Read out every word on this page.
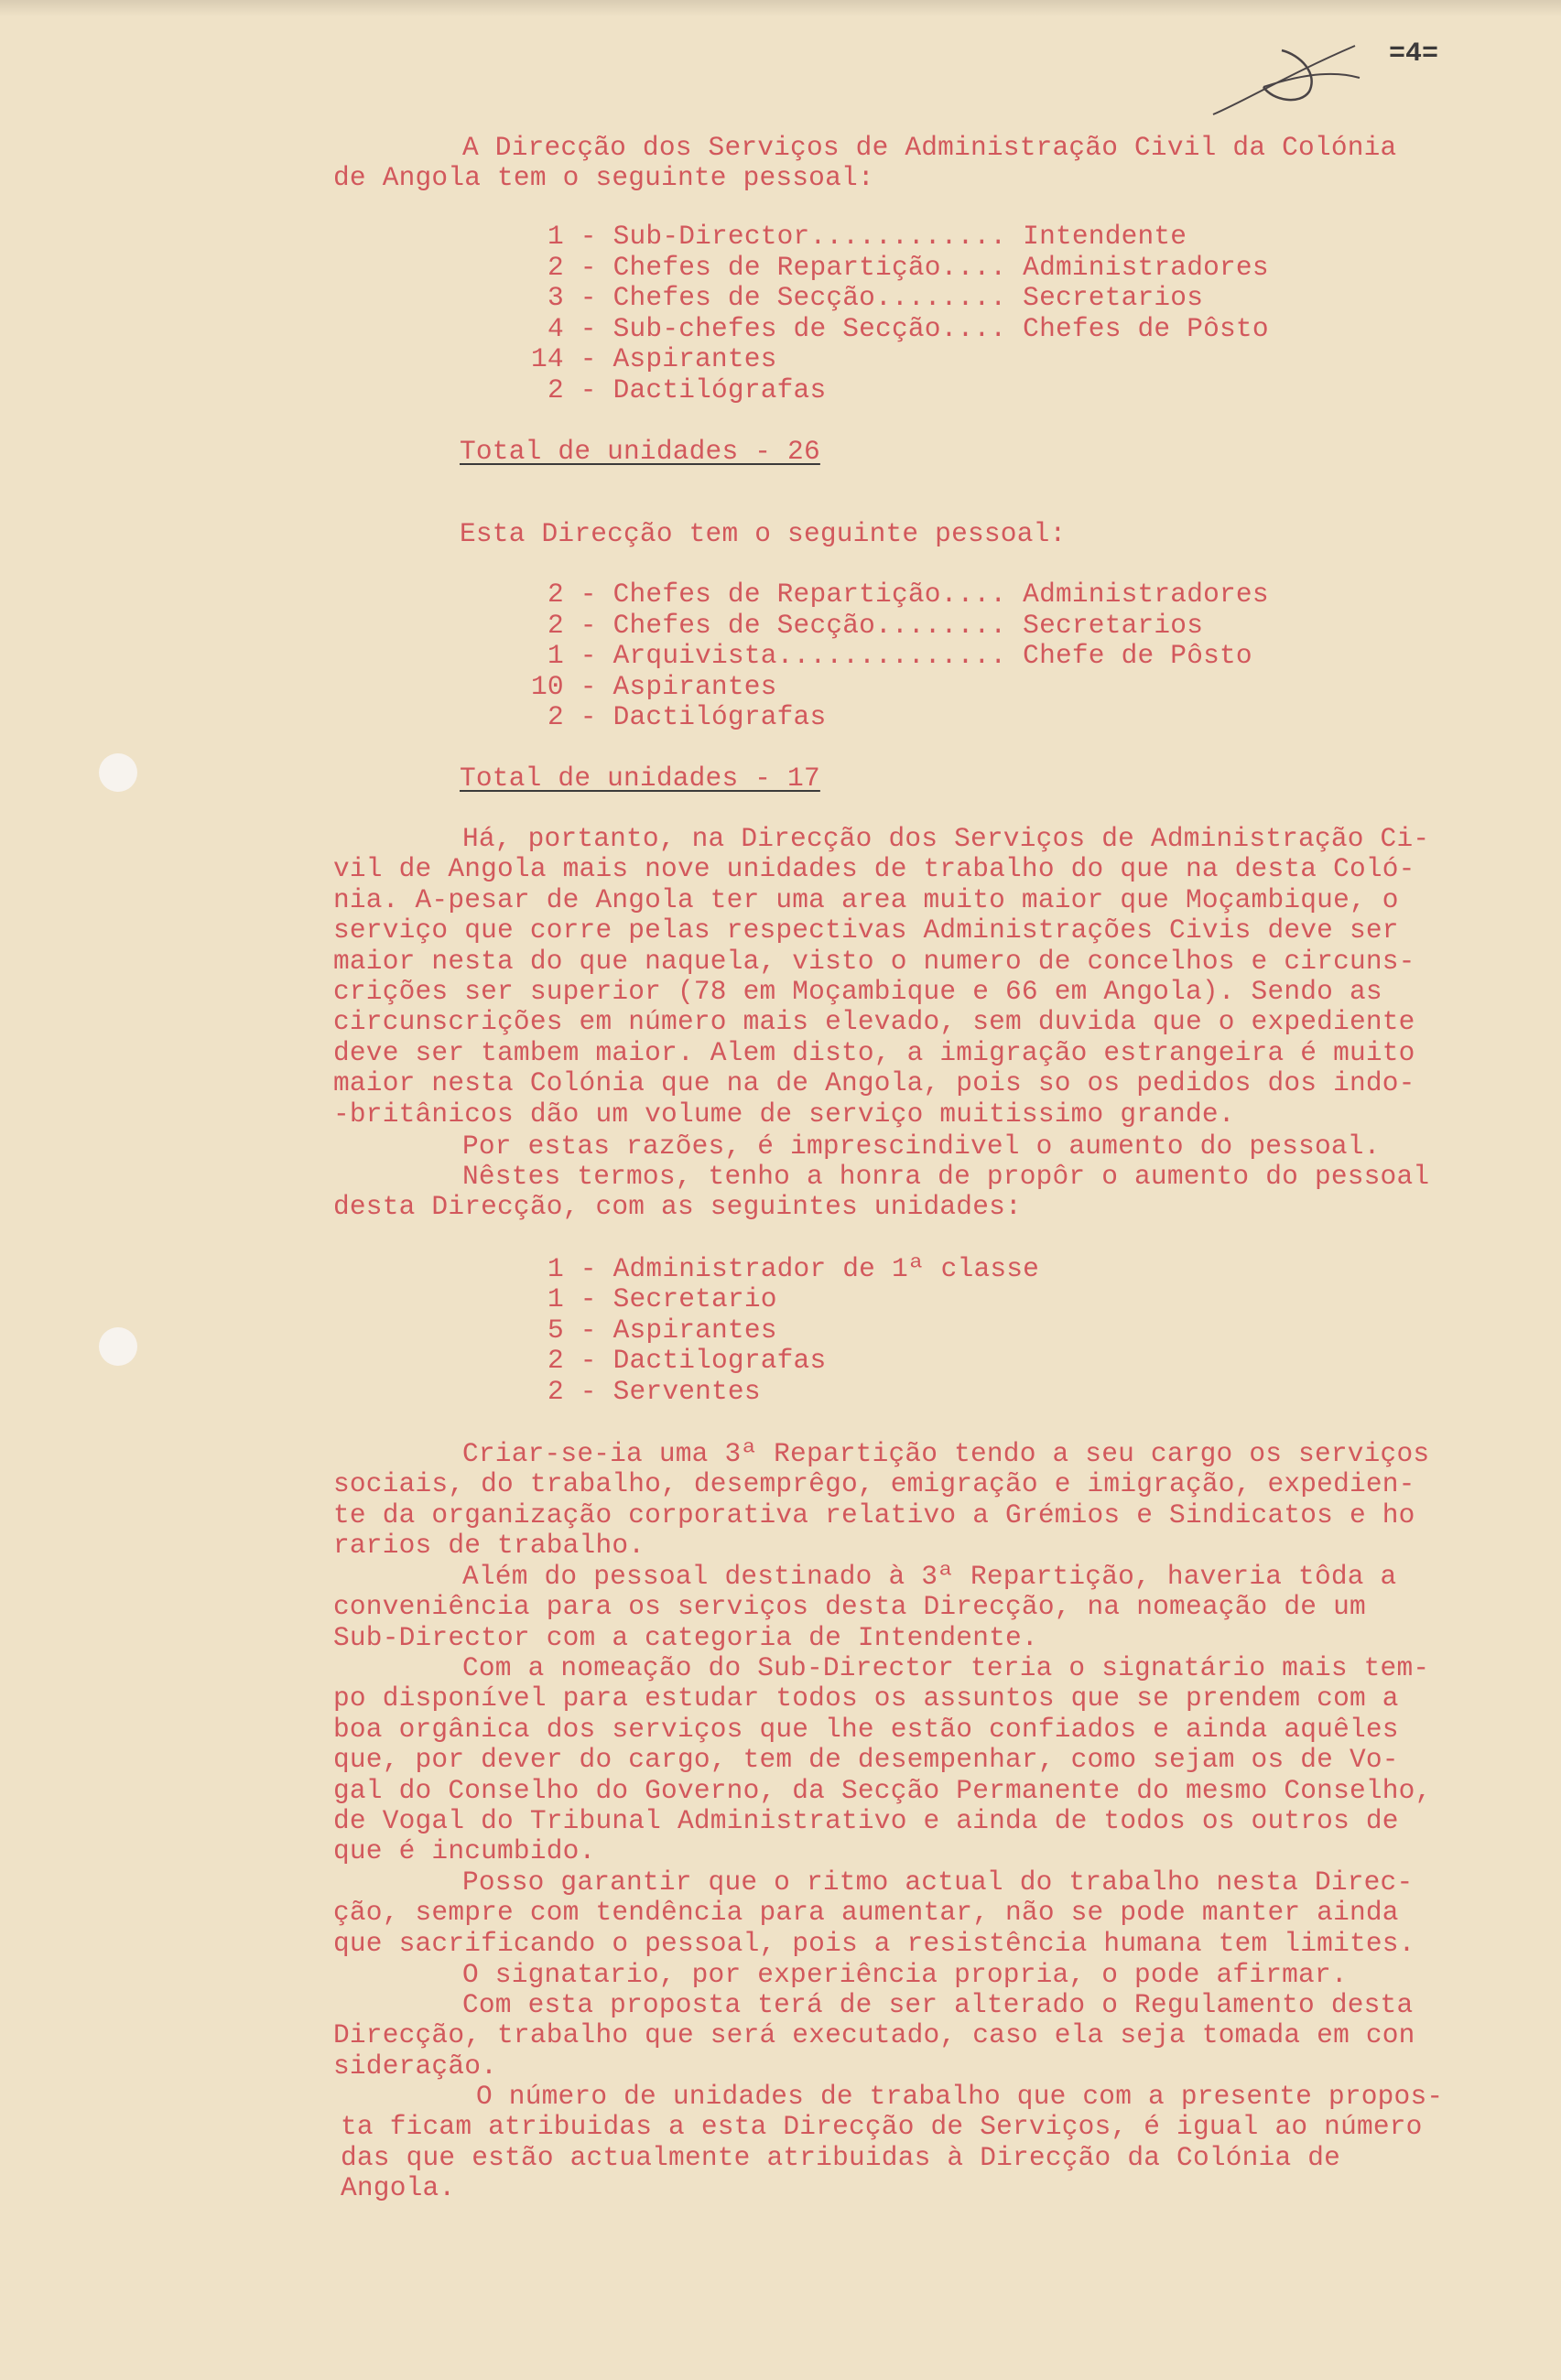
=4=
A Direcção dos Serviços de Administração Civil da Colónia
de Angola tem o seguinte pessoal:
1 - Sub-Director............ Intendente
2 - Chefes de Repartição.... Administradores
3 - Chefes de Secção........ Secretarios
4 - Sub-chefes de Secção.... Chefes de Pôsto
14 - Aspirantes
2 - Dactilógrafas
Total de unidades - 26
Esta Direcção tem o seguinte pessoal:
2 - Chefes de Repartição.... Administradores
2 - Chefes de Secção........ Secretarios
1 - Arquivista.............. Chefe de Pôsto
10 - Aspirantes
2 - Dactilógrafas
Total de unidades - 17
Há, portanto, na Direcção dos Serviços de Administração Ci-
vil de Angola mais nove unidades de trabalho do que na desta Coló-
nia. A-pesar de Angola ter uma area muito maior que Moçambique, o
serviço que corre pelas respectivas Administrações Civis deve ser
maior nesta do que naquela, visto o numero de concelhos e circuns-
crições ser superior (78 em Moçambique e 66 em Angola). Sendo as
circunscrições em número mais elevado, sem duvida que o expediente
deve ser tambem maior. Alem disto, a imigração estrangeira é muito
maior nesta Colónia que na de Angola, pois so os pedidos dos indo-
-britânicos dão um volume de serviço muitissimo grande.
Por estas razões, é imprescindivel o aumento do pessoal.
Nêstes termos, tenho a honra de propôr o aumento do pessoal
desta Direcção, com as seguintes unidades:
1 - Administrador de 1ª classe
1 - Secretario
5 - Aspirantes
2 - Dactilografas
2 - Serventes
Criar-se-ia uma 3ª Repartição tendo a seu cargo os serviços
sociais, do trabalho, desemprêgo, emigração e imigração, expedien-
te da organização corporativa relativo a Grémios e Sindicatos e ho
rarios de trabalho.
Além do pessoal destinado à 3ª Repartição, haveria tôda a
conveniência para os serviços desta Direcção, na nomeação de um
Sub-Director com a categoria de Intendente.
Com a nomeação do Sub-Director teria o signatário mais tem-
po disponível para estudar todos os assuntos que se prendem com a
boa orgânica dos serviços que lhe estão confiados e ainda aquêles
que, por dever do cargo, tem de desempenhar, como sejam os de Vo-
gal do Conselho do Governo, da Secção Permanente do mesmo Conselho,
de Vogal do Tribunal Administrativo e ainda de todos os outros de
que é incumbido.
Posso garantir que o ritmo actual do trabalho nesta Direc-
ção, sempre com tendência para aumentar, não se pode manter ainda
que sacrificando o pessoal, pois a resistência humana tem limites.
O signatario, por experiência propria, o pode afirmar.
Com esta proposta terá de ser alterado o Regulamento desta
Direcção, trabalho que será executado, caso ela seja tomada em con
sideração.
O número de unidades de trabalho que com a presente propos-
ta ficam atribuidas a esta Direcção de Serviços, é igual ao número
das que estão actualmente atribuidas à Direcção da Colónia de
Angola.
